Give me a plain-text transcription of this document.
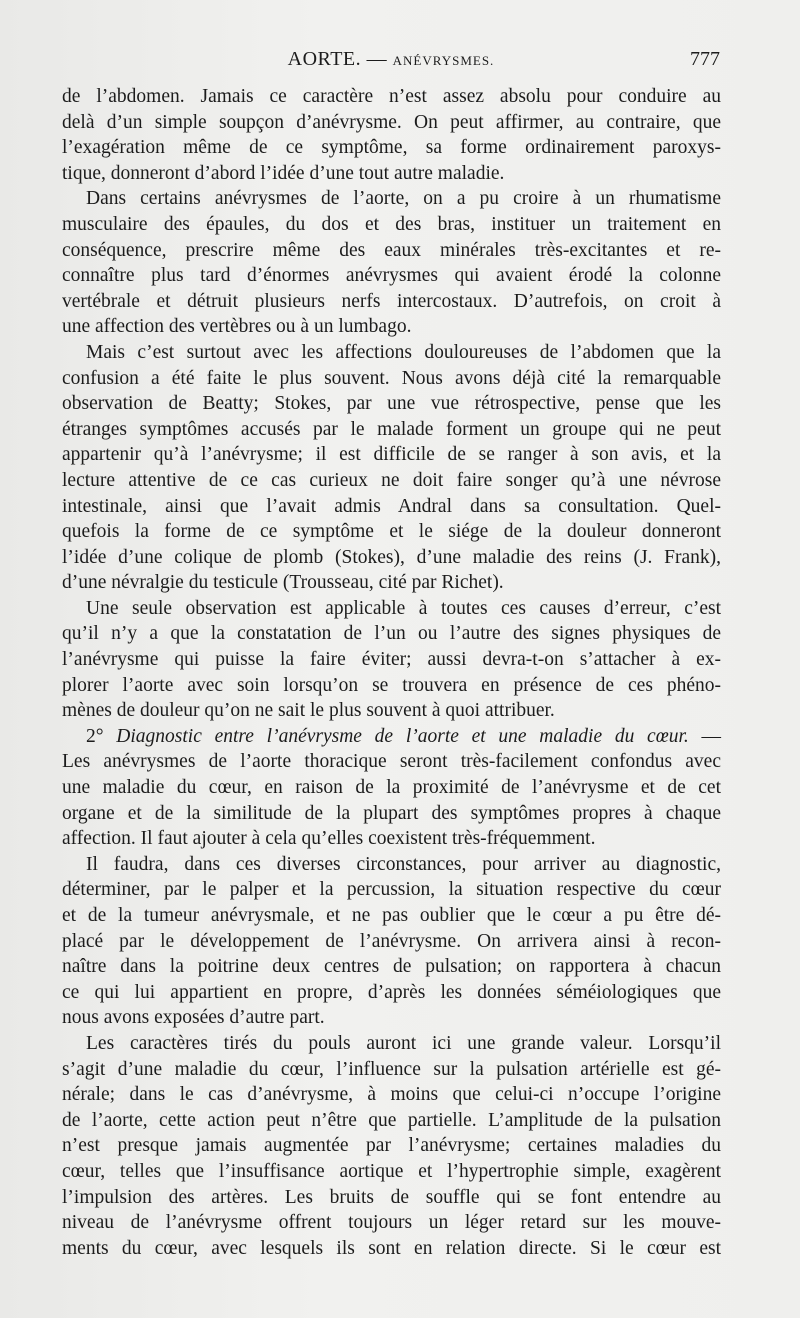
AORTE. — ANÉVRYSMES.	777
de l’abdomen. Jamais ce caractère n’est assez absolu pour conduire au
delà d’un simple soupçon d’anévrysme. On peut affirmer, au contraire, que
l’exagération même de ce symptôme, sa forme ordinairement paroxys-
tique, donneront d’abord l’idée d’une tout autre maladie.
Dans certains anévrysmes de l’aorte, on a pu croire à un rhumatisme
musculaire des épaules, du dos et des bras, instituer un traitement en
conséquence, prescrire même des eaux minérales très-excitantes et re-
connaître plus tard d’énormes anévrysmes qui avaient érodé la colonne
vertébrale et détruit plusieurs nerfs intercostaux. D’autrefois, on croit à
une affection des vertèbres ou à un lumbago.
Mais c’est surtout avec les affections douloureuses de l’abdomen que la
confusion a été faite le plus souvent. Nous avons déjà cité la remarquable
observation de Beatty; Stokes, par une vue rétrospective, pense que les
étranges symptômes accusés par le malade forment un groupe qui ne peut
appartenir qu’à l’anévrysme; il est difficile de se ranger à son avis, et la
lecture attentive de ce cas curieux ne doit faire songer qu’à une névrose
intestinale, ainsi que l’avait admis Andral dans sa consultation. Quel-
quefois la forme de ce symptôme et le siége de la douleur donneront
l’idée d’une colique de plomb (Stokes), d’une maladie des reins (J. Frank),
d’une névralgie du testicule (Trousseau, cité par Richet).
Une seule observation est applicable à toutes ces causes d’erreur, c’est
qu’il n’y a que la constatation de l’un ou l’autre des signes physiques de
l’anévrysme qui puisse la faire éviter; aussi devra-t-on s’attacher à ex-
plorer l’aorte avec soin lorsqu’on se trouvera en présence de ces phéno-
mènes de douleur qu’on ne sait le plus souvent à quoi attribuer.
2° Diagnostic entre l’anévrysme de l’aorte et une maladie du cœur. —
Les anévrysmes de l’aorte thoracique seront très-facilement confondus avec
une maladie du cœur, en raison de la proximité de l’anévrysme et de cet
organe et de la similitude de la plupart des symptômes propres à chaque
affection. Il faut ajouter à cela qu’elles coexistent très-fréquemment.
Il faudra, dans ces diverses circonstances, pour arriver au diagnostic,
déterminer, par le palper et la percussion, la situation respective du cœur
et de la tumeur anévrysmale, et ne pas oublier que le cœur a pu être dé-
placé par le développement de l’anévrysme. On arrivera ainsi à recon-
naître dans la poitrine deux centres de pulsation; on rapportera à chacun
ce qui lui appartient en propre, d’après les données séméiologiques que
nous avons exposées d’autre part.
Les caractères tirés du pouls auront ici une grande valeur. Lorsqu’il
s’agit d’une maladie du cœur, l’influence sur la pulsation artérielle est gé-
nérale; dans le cas d’anévrysme, à moins que celui-ci n’occupe l’origine
de l’aorte, cette action peut n’être que partielle. L’amplitude de la pulsation
n’est presque jamais augmentée par l’anévrysme; certaines maladies du
cœur, telles que l’insuffisance aortique et l’hypertrophie simple, exagèrent
l’impulsion des artères. Les bruits de souffle qui se font entendre au
niveau de l’anévrysme offrent toujours un léger retard sur les mouve-
ments du cœur, avec lesquels ils sont en relation directe. Si le cœur est
